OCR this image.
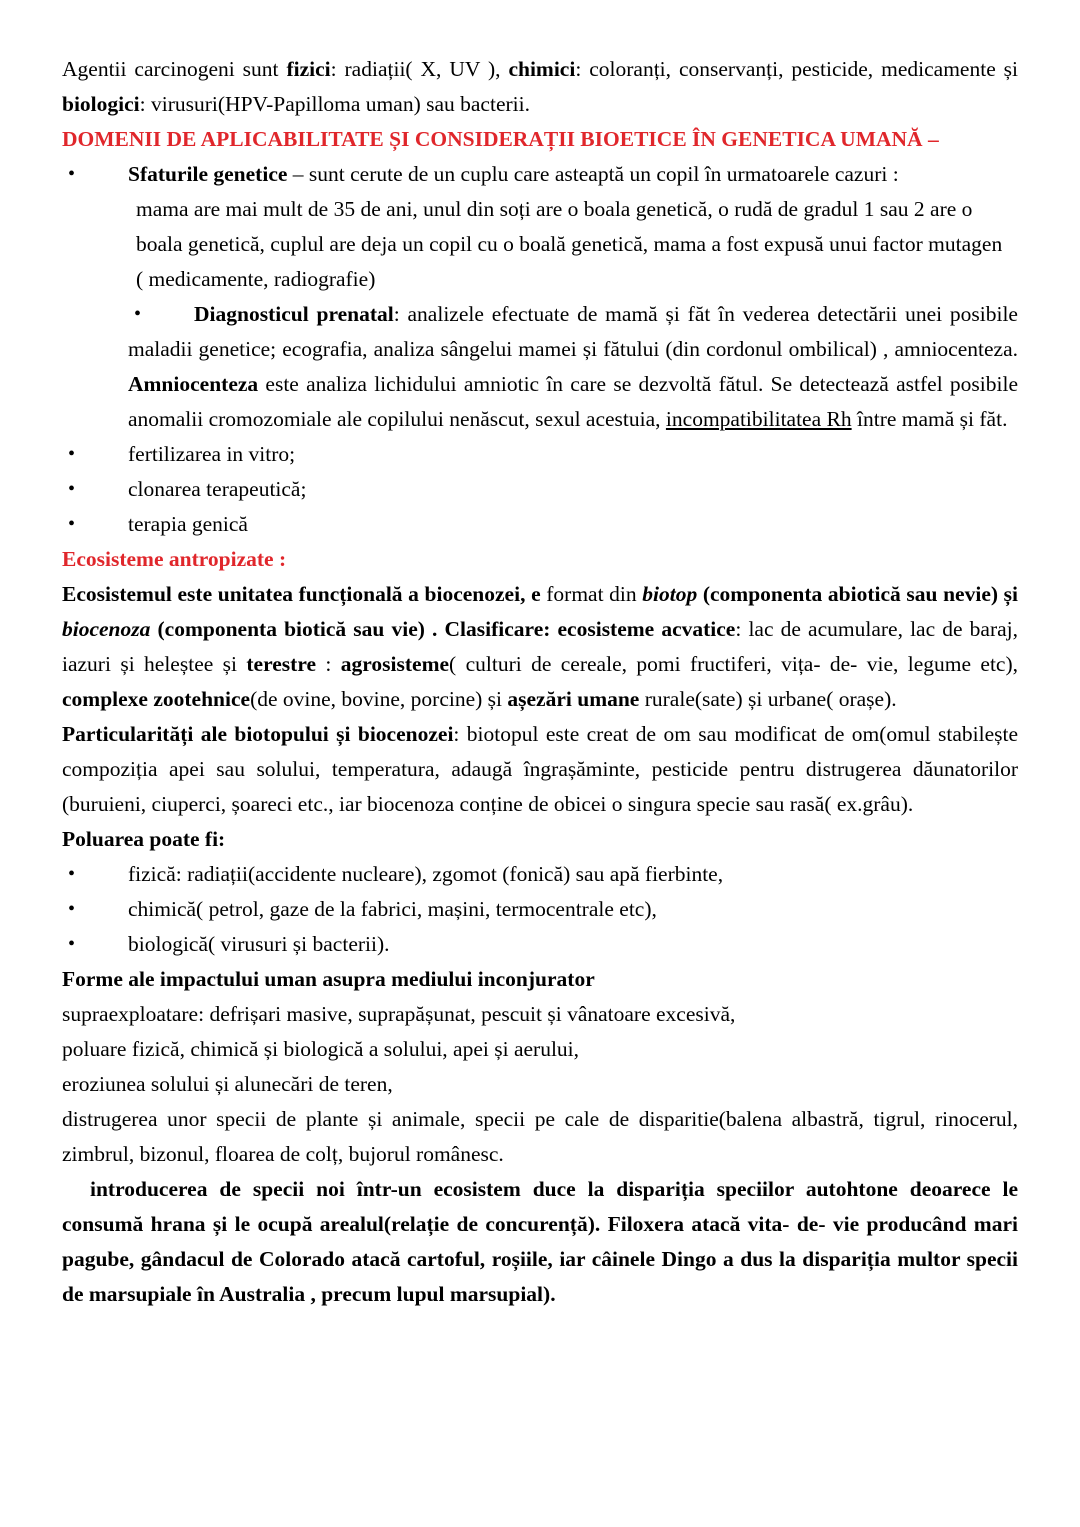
Agentii carcinogeni sunt fizici: radiații( X, UV ), chimici: coloranți, conservanți, pesticide, medicamente și biologici: virusuri(HPV-Papilloma uman) sau bacterii.

DOMENII DE APLICABILITATE ȘI CONSIDERAȚII BIOETICE ÎN GENETICA UMANĂ –

• Sfaturile genetice – sunt cerute de un cuplu care asteaptă un copil în urmatoarele cazuri :

mama are mai mult de 35 de ani, unul din soți are o boala genetică, o rudă de gradul 1 sau 2 are o

boala genetică, cuplul are deja un copil cu o boală genetică, mama a fost expusă unui factor mutagen

( medicamente, radiografie)

• Diagnosticul prenatal: analizele efectuate de mamă și făt în vederea detectării unei posibile maladii genetice; ecografia, analiza sângelui mamei și fătului (din cordonul ombilical) , amniocenteza. Amniocenteza este analiza lichidului amniotic în care se dezvoltă fătul. Se detectează astfel posibile anomalii cromozomiale ale copilului nenăscut, sexul acestuia, incompatibilitatea Rh între mamă și făt.
• fertilizarea in vitro;
• clonarea terapeutică;
• terapia genică

Ecosisteme antropizate :

Ecosistemul este unitatea funcțională a biocenozei, e format din biotop (componenta abiotică sau nevie) și biocenoza (componenta biotică sau vie) . Clasificare: ecosisteme acvatice: lac de acumulare, lac de baraj, iazuri și heleștee și terestre : agrosisteme( culturi de cereale, pomi fructiferi, vița- de- vie, legume etc), complexe zootehnice(de ovine, bovine, porcine) și așezări umane rurale(sate) și urbane( orașe).

Particularități ale biotopului și biocenozei: biotopul este creat de om sau modificat de om(omul stabilește compoziția apei sau solului, temperatura, adaugă îngrașăminte, pesticide pentru distrugerea dăunatorilor (buruieni, ciuperci, șoareci etc., iar biocenoza conține de obicei o singura specie sau rasă( ex.grâu).

Poluarea poate fi:

• fizică: radiații(accidente nucleare), zgomot (fonică) sau apă fierbinte,
• chimică( petrol, gaze de la fabrici, mașini, termocentrale etc),
• biologică( virusuri și bacterii).

Forme ale impactului uman asupra mediului inconjurator

supraexploatare: defrișari masive, suprapășunat, pescuit și vânatoare excesivă,

poluare fizică, chimică și biologică a solului, apei și aerului,

eroziunea solului și alunecări de teren,

distrugerea unor specii de plante și animale, specii pe cale de disparitie(balena albastră, tigrul, rinocerul, zimbrul, bizonul, floarea de colț, bujorul românesc.

introducerea de specii noi într-un ecosistem duce la dispariția speciilor autohtone deoarece le consumă hrana și le ocupă arealul(relație de concurență). Filoxera atacă vita- de- vie producând mari pagube, gândacul de Colorado atacă cartoful, roșiile, iar câinele Dingo a dus la dispariția multor specii de marsupiale în Australia , precum lupul marsupial).
